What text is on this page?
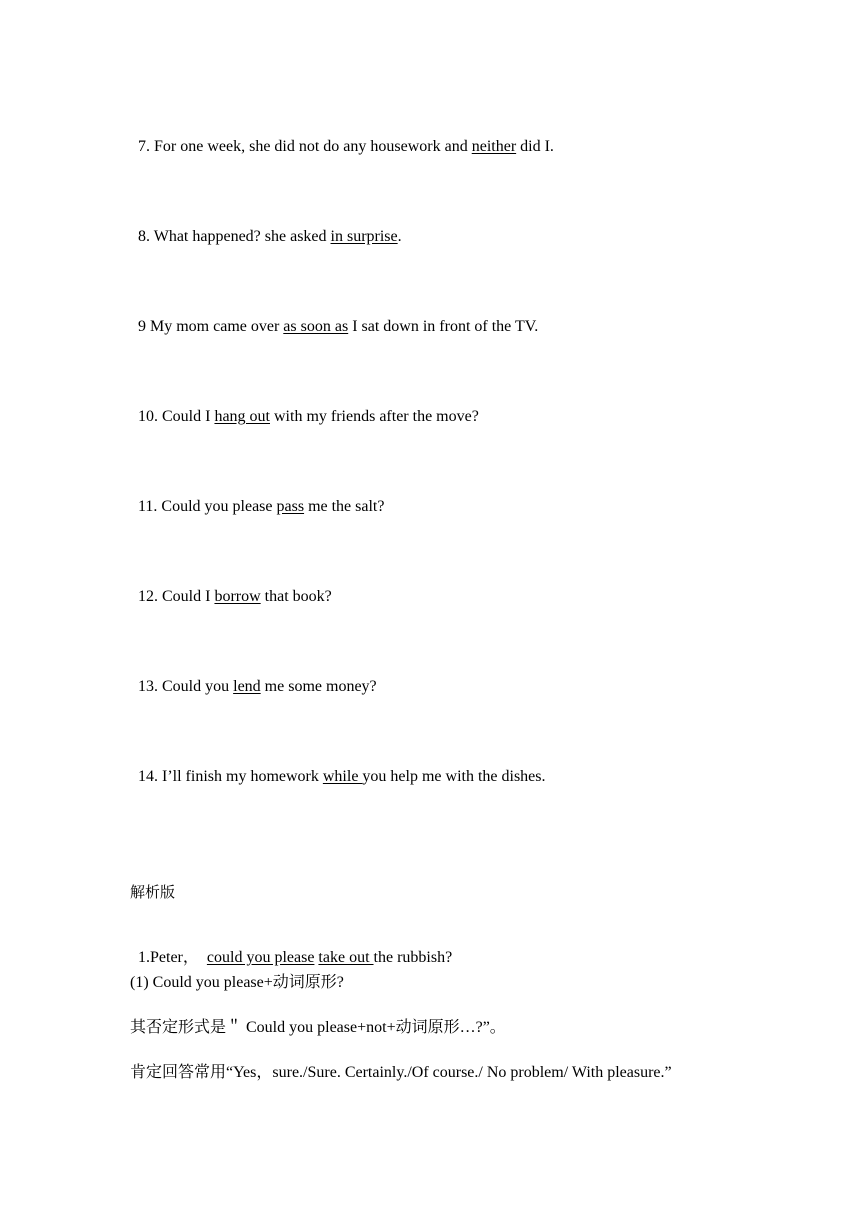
7. For one week, she did not do any housework and neither did I.

8. What happened? she asked in surprise.

9 My mom came over as soon as I sat down in front of the TV.

10. Could I hang out with my friends after the move?

11. Could you please pass me the salt?

12. Could I borrow that book?

13. Could you lend me some money?

14. I’ll finish my homework while you help me with the dishes.

解析版

1.Peter，  could you please take out the rubbish?

(1) Could you please+动词原形?
其否定形式是＂ Could you please+not+动词原形…?”。
肯定回答常用“Yes，sure./Sure. Certainly./Of course./ No problem/ With pleasure.”
